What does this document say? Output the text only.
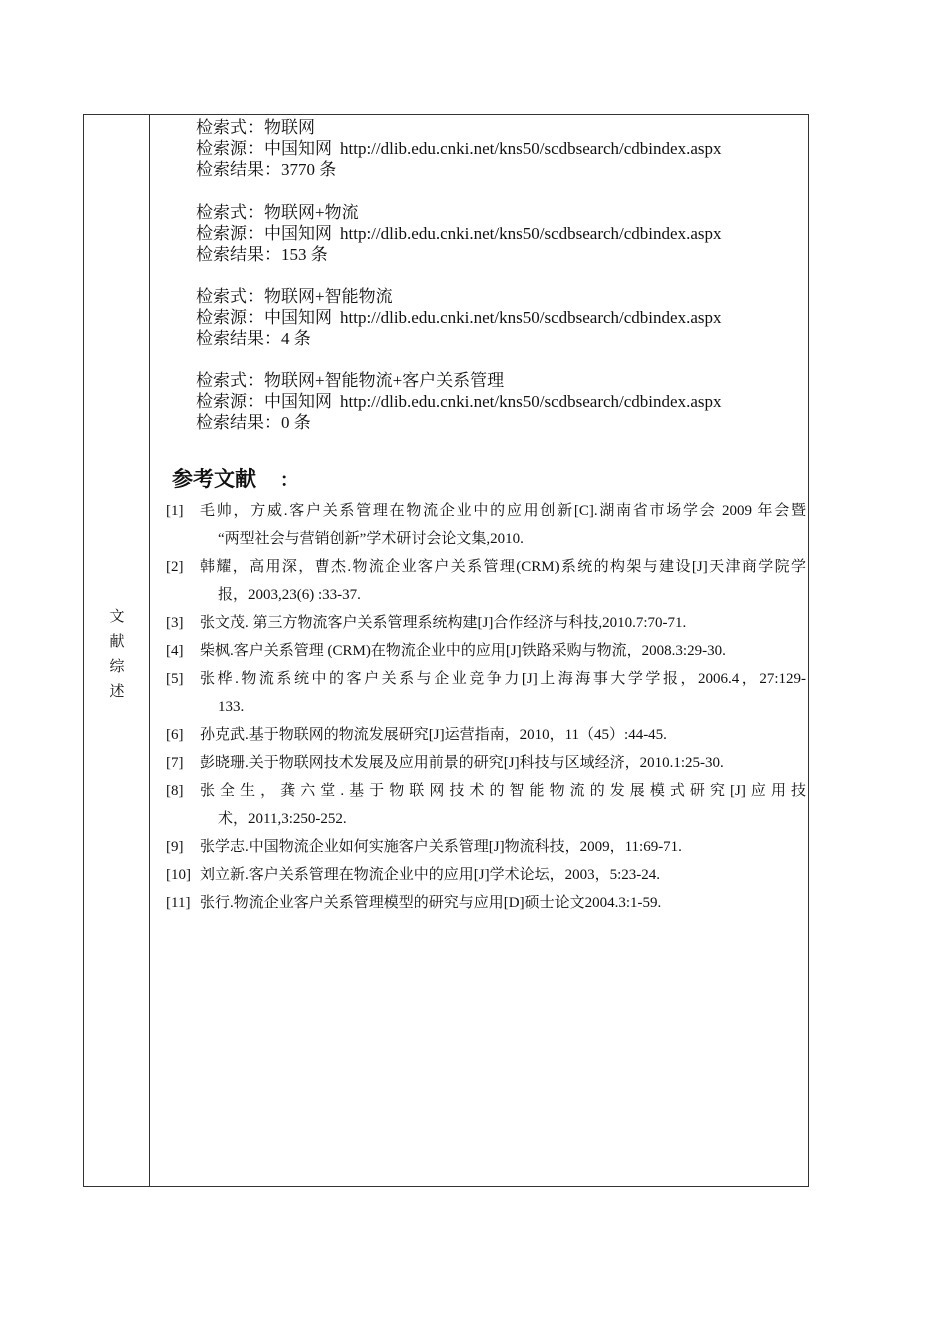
文
献
综
述
检索式：物联网
检索源：中国知网 http://dlib.edu.cnki.net/kns50/scdbsearch/cdbindex.aspx
检索结果：3770 条
检索式：物联网+物流
检索源：中国知网 http://dlib.edu.cnki.net/kns50/scdbsearch/cdbindex.aspx
检索结果：153 条
检索式：物联网+智能物流
检索源：中国知网 http://dlib.edu.cnki.net/kns50/scdbsearch/cdbindex.aspx
检索结果：4 条
检索式：物联网+智能物流+客户关系管理
检索源：中国知网 http://dlib.edu.cnki.net/kns50/scdbsearch/cdbindex.aspx
检索结果：0 条
参考文献 ：
[1]	毛帅，方威.客户关系管理在物流企业中的应用创新[C].湖南省市场学会 2009 年会暨
“两型社会与营销创新”学术研讨会论文集,2010.
[2]	韩耀，高用深，曹杰.物流企业客户关系管理(CRM)系统的构架与建设[J]天津商学院学
报，2003,23(6) :33-37.
[3]	张文茂. 第三方物流客户关系管理系统构建[J]合作经济与科技,2010.7:70-71.
[4]	柴枫.客户关系管理 (CRM)在物流企业中的应用[J]铁路采购与物流，2008.3:29-30.
[5]	张桦.物流系统中的客户关系与企业竞争力[J]上海海事大学学报，2006.4，27:129-
133.
[6]	孙克武.基于物联网的物流发展研究[J]运营指南，2010，11（45）:44-45.
[7]	彭晓珊.关于物联网技术发展及应用前景的研究[J]科技与区域经济，2010.1:25-30.
[8]	张全生，龚六堂.基于物联网技术的智能物流的发展模式研究[J]应用技
术，2011,3:250-252.
[9]	张学志.中国物流企业如何实施客户关系管理[J]物流科技，2009，11:69-71.
[10] 刘立新.客户关系管理在物流企业中的应用[J]学术论坛，2003，5:23-24.
[11] 张行.物流企业客户关系管理模型的研究与应用[D]硕士论文2004.3:1-59.
